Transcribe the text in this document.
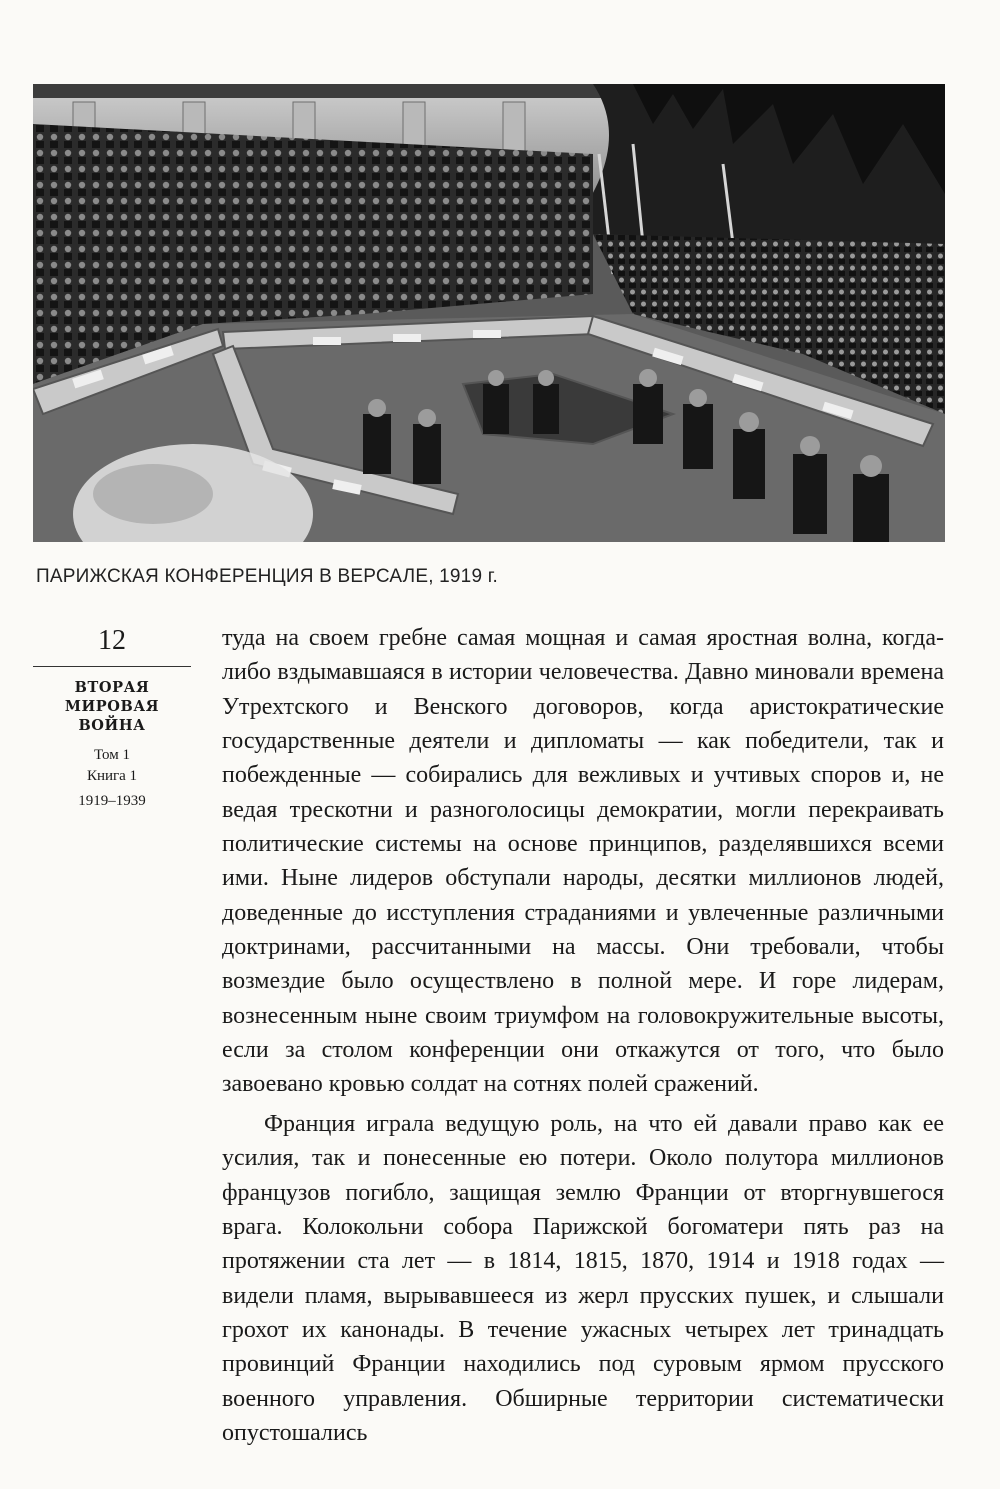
ПАРИЖСКАЯ КОНФЕРЕНЦИЯ В ВЕРСАЛЕ, 1919 г.
12
ВТОРАЯ МИРОВАЯ ВОЙНА
Том 1
Книга 1
1919–1939

туда на своем гребне самая мощная и самая яростная волна, когда-либо вздымавшаяся в истории человечества. Давно миновали времена Утрехтского и Венского договоров, когда аристократические государственные деятели и дипломаты — как победители, так и побежденные — собирались для вежливых и учтивых споров и, не ведая трескотни и разноголосицы демократии, могли перекраивать политические системы на основе принципов, разделявшихся всеми ими. Ныне лидеров обступали народы, десятки миллионов людей, доведенные до исступления страданиями и увлеченные различными доктринами, рассчитанными на массы. Они требовали, чтобы возмездие было осуществлено в полной мере. И горе лидерам, вознесенным ныне своим триумфом на головокружительные высоты, если за столом конференции они откажутся от того, что было завоевано кровью солдат на сотнях полей сражений.

Франция играла ведущую роль, на что ей давали право как ее усилия, так и понесенные ею потери. Около полутора миллионов французов погибло, защищая землю Франции от вторгнувшегося врага. Колокольни собора Парижской богоматери пять раз на протяжении ста лет — в 1814, 1815, 1870, 1914 и 1918 годах — видели пламя, вырывавшееся из жерл прусских пушек, и слышали грохот их канонады. В течение ужасных четырех лет тринадцать провинций Франции находились под суровым ярмом прусского военного управления. Обширные территории систематически опустошались
